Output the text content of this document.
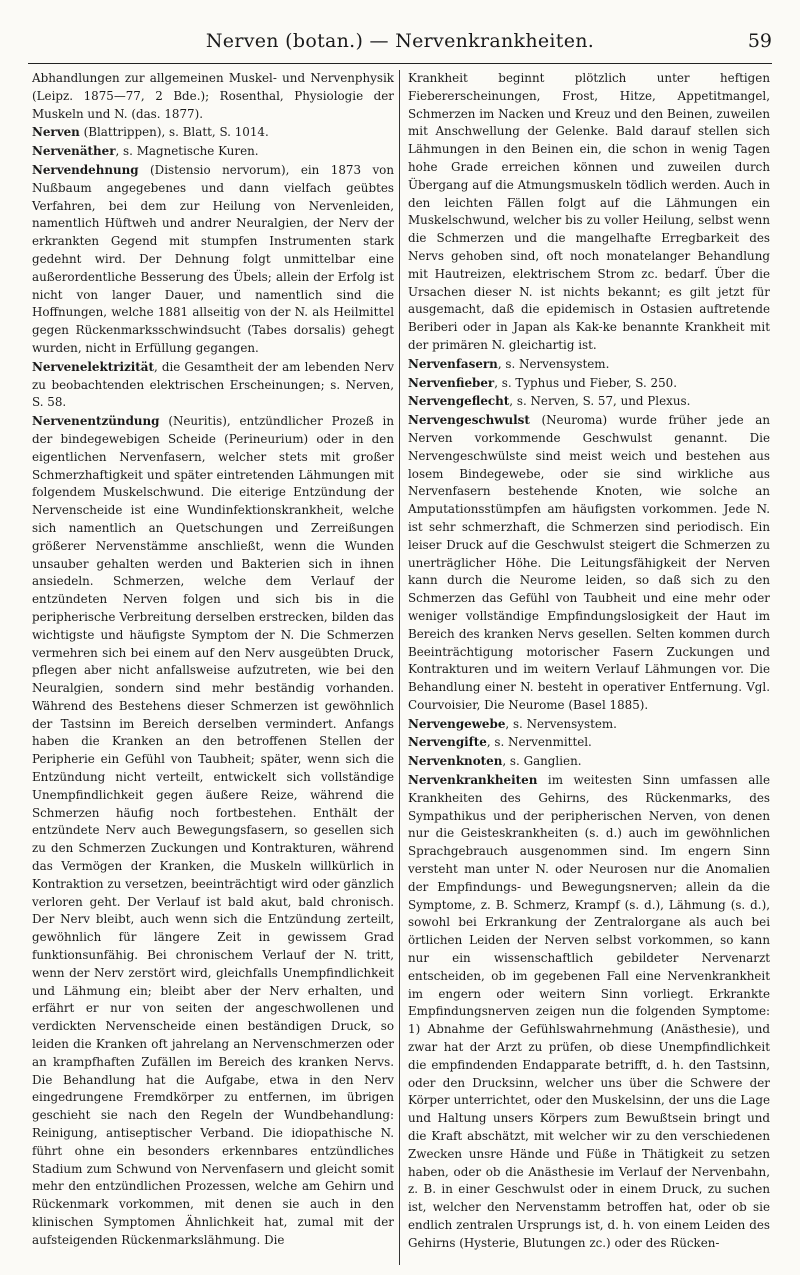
Nerven (botan.) — Nervenkrankheiten.	59

Abhandlungen zur allgemeinen Muskel- und Nervenphysik (Leipz. 1875—77, 2 Bde.); Rosenthal, Physiologie der Muskeln und N. (das. 1877).

Nerven (Blattrippen), s. Blatt, S. 1014.

Nervenäther, s. Magnetische Kuren.

Nervendehnung (Distensio nervorum), ein 1873 von Nußbaum angegebenes und dann vielfach geübtes Verfahren, bei dem zur Heilung von Nervenleiden, namentlich Hüftweh und andrer Neuralgien, der Nerv der erkrankten Gegend mit stumpfen Instrumenten stark gedehnt wird. Der Dehnung folgt unmittelbar eine außerordentliche Besserung des Übels; allein der Erfolg ist nicht von langer Dauer, und namentlich sind die Hoffnungen, welche 1881 allseitig von der N. als Heilmittel gegen Rückenmarksschwindsucht (Tabes dorsalis) gehegt wurden, nicht in Erfüllung gegangen.

Nervenelektrizität, die Gesamtheit der am lebenden Nerv zu beobachtenden elektrischen Erscheinungen; s. Nerven, S. 58.

Nervenentzündung (Neuritis), entzündlicher Prozeß in der bindegewebigen Scheide (Perineurium) oder in den eigentlichen Nervenfasern, welcher stets mit großer Schmerzhaftigkeit und später eintretenden Lähmungen mit folgendem Muskelschwund. Die eiterige Entzündung der Nervenscheide ist eine Wundinfektionskrankheit, welche sich namentlich an Quetschungen und Zerreißungen größerer Nervenstämme anschließt, wenn die Wunden unsauber gehalten werden und Bakterien sich in ihnen ansiedeln. Schmerzen, welche dem Verlauf der entzündeten Nerven folgen und sich bis in die peripherische Verbreitung derselben erstrecken, bilden das wichtigste und häufigste Symptom der N. Die Schmerzen vermehren sich bei einem auf den Nerv ausgeübten Druck, pflegen aber nicht anfallsweise aufzutreten, wie bei den Neuralgien, sondern sind mehr beständig vorhanden. Während des Bestehens dieser Schmerzen ist gewöhnlich der Tastsinn im Bereich derselben vermindert. Anfangs haben die Kranken an den betroffenen Stellen der Peripherie ein Gefühl von Taubheit; später, wenn sich die Entzündung nicht verteilt, entwickelt sich vollständige Unempfindlichkeit gegen äußere Reize, während die Schmerzen häufig noch fortbestehen. Enthält der entzündete Nerv auch Bewegungsfasern, so gesellen sich zu den Schmerzen Zuckungen und Kontrakturen, während das Vermögen der Kranken, die Muskeln willkürlich in Kontraktion zu versetzen, beeinträchtigt wird oder gänzlich verloren geht. Der Verlauf ist bald akut, bald chronisch. Der Nerv bleibt, auch wenn sich die Entzündung zerteilt, gewöhnlich für längere Zeit in gewissem Grad funktionsunfähig. Bei chronischem Verlauf der N. tritt, wenn der Nerv zerstört wird, gleichfalls Unempfindlichkeit und Lähmung ein; bleibt aber der Nerv erhalten, und erfährt er nur von seiten der angeschwollenen und verdickten Nervenscheide einen beständigen Druck, so leiden die Kranken oft jahrelang an Nervenschmerzen oder an krampfhaften Zufällen im Bereich des kranken Nervs. Die Behandlung hat die Aufgabe, etwa in den Nerv eingedrungene Fremdkörper zu entfernen, im übrigen geschieht sie nach den Regeln der Wundbehandlung: Reinigung, antiseptischer Verband. Die idiopathische N. führt ohne ein besonders erkennbares entzündliches Stadium zum Schwund von Nervenfasern und gleicht somit mehr den entzündlichen Prozessen, welche am Gehirn und Rückenmark vorkommen, mit denen sie auch in den klinischen Symptomen Ähnlichkeit hat, zumal mit der aufsteigenden Rückenmarkslähmung. Die

Krankheit beginnt plötzlich unter heftigen Fiebererscheinungen, Frost, Hitze, Appetitmangel, Schmerzen im Nacken und Kreuz und den Beinen, zuweilen mit Anschwellung der Gelenke. Bald darauf stellen sich Lähmungen in den Beinen ein, die schon in wenig Tagen hohe Grade erreichen können und zuweilen durch Übergang auf die Atmungsmuskeln tödlich werden. Auch in den leichten Fällen folgt auf die Lähmungen ein Muskelschwund, welcher bis zu voller Heilung, selbst wenn die Schmerzen und die mangelhafte Erregbarkeit des Nervs gehoben sind, oft noch monatelanger Behandlung mit Hautreizen, elektrischem Strom zc. bedarf. Über die Ursachen dieser N. ist nichts bekannt; es gilt jetzt für ausgemacht, daß die epidemisch in Ostasien auftretende Beriberi oder in Japan als Kak-ke benannte Krankheit mit der primären N. gleichartig ist.

Nervenfasern, s. Nervensystem.

Nervenfieber, s. Typhus und Fieber, S. 250.

Nervengeflecht, s. Nerven, S. 57, und Plexus.

Nervengeschwulst (Neuroma) wurde früher jede an Nerven vorkommende Geschwulst genannt. Die Nervengeschwülste sind meist weich und bestehen aus losem Bindegewebe, oder sie sind wirkliche aus Nervenfasern bestehende Knoten, wie solche an Amputationsstümpfen am häufigsten vorkommen. Jede N. ist sehr schmerzhaft, die Schmerzen sind periodisch. Ein leiser Druck auf die Geschwulst steigert die Schmerzen zu unerträglicher Höhe. Die Leitungsfähigkeit der Nerven kann durch die Neurome leiden, so daß sich zu den Schmerzen das Gefühl von Taubheit und eine mehr oder weniger vollständige Empfindungslosigkeit der Haut im Bereich des kranken Nervs gesellen. Selten kommen durch Beeinträchtigung motorischer Fasern Zuckungen und Kontrakturen und im weitern Verlauf Lähmungen vor. Die Behandlung einer N. besteht in operativer Entfernung. Vgl. Courvoisier, Die Neurome (Basel 1885).

Nervengewebe, s. Nervensystem.

Nervengifte, s. Nervenmittel.

Nervenknoten, s. Ganglien.

Nervenkrankheiten im weitesten Sinn umfassen alle Krankheiten des Gehirns, des Rückenmarks, des Sympathikus und der peripherischen Nerven, von denen nur die Geisteskrankheiten (s. d.) auch im gewöhnlichen Sprachgebrauch ausgenommen sind. Im engern Sinn versteht man unter N. oder Neurosen nur die Anomalien der Empfindungs- und Bewegungsnerven; allein da die Symptome, z. B. Schmerz, Krampf (s. d.), Lähmung (s. d.), sowohl bei Erkrankung der Zentralorgane als auch bei örtlichen Leiden der Nerven selbst vorkommen, so kann nur ein wissenschaftlich gebildeter Nervenarzt entscheiden, ob im gegebenen Fall eine Nervenkrankheit im engern oder weitern Sinn vorliegt. Erkrankte Empfindungsnerven zeigen nun die folgenden Symptome: 1) Abnahme der Gefühlswahrnehmung (Anästhesie), und zwar hat der Arzt zu prüfen, ob diese Unempfindlichkeit die empfindenden Endapparate betrifft, d. h. den Tastsinn, oder den Drucksinn, welcher uns über die Schwere der Körper unterrichtet, oder den Muskelsinn, der uns die Lage und Haltung unsers Körpers zum Bewußtsein bringt und die Kraft abschätzt, mit welcher wir zu den verschiedenen Zwecken unsre Hände und Füße in Thätigkeit zu setzen haben, oder ob die Anästhesie im Verlauf der Nervenbahn, z. B. in einer Geschwulst oder in einem Druck, zu suchen ist, welcher den Nervenstamm betroffen hat, oder ob sie endlich zentralen Ursprungs ist, d. h. von einem Leiden des Gehirns (Hysterie, Blutungen zc.) oder des Rücken-
